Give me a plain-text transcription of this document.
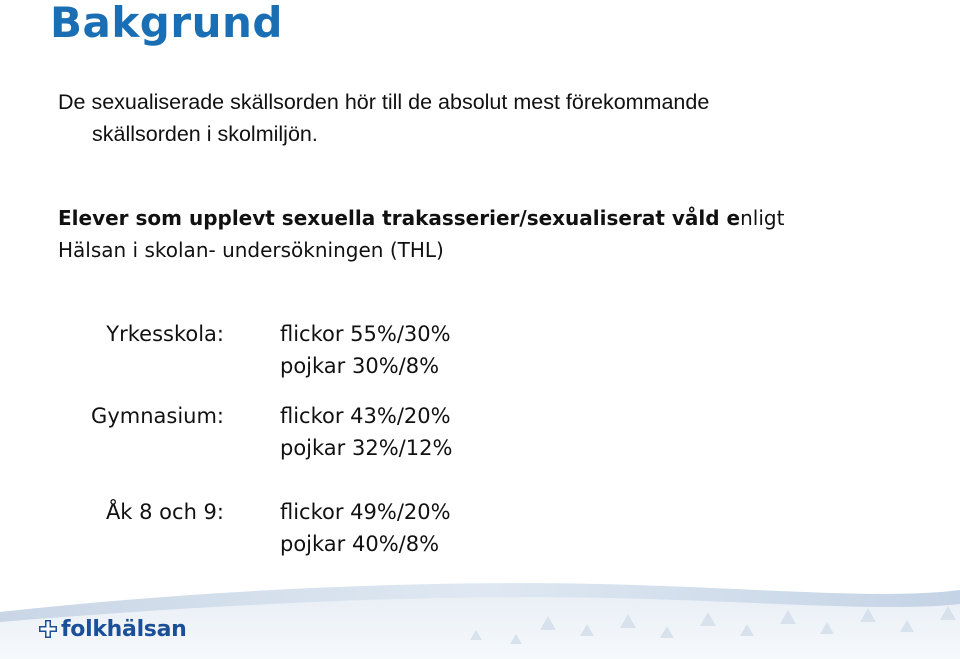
Bakgrund
De sexualiserade skällsorden hör till de absolut mest förekommande
skällsorden i skolmiljön.
Elever som upplevt sexuella trakasserier/sexualiserat våld enligt
Hälsan i skolan- undersökningen (THL)
Yrkesskola:	flickor 55%/30%
pojkar 30%/8%
Gymnasium:	flickor 43%/20%
pojkar 32%/12%
Åk 8 och 9:	flickor 49%/20%
pojkar 40%/8%
folkhälsan
